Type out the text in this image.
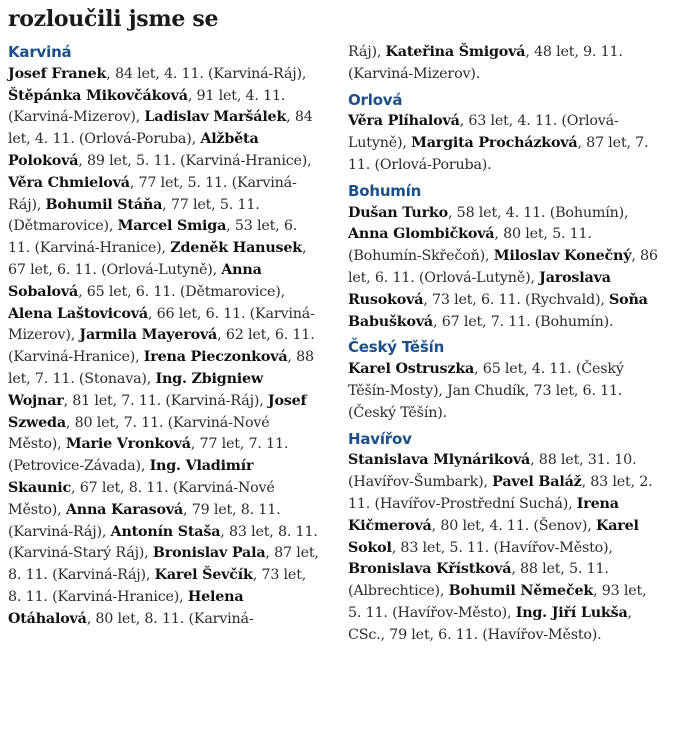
rozloučili jsme se
Karviná
Josef Franek, 84 let, 4. 11. (Karviná-Ráj), Štěpánka Mikovčáková, 91 let, 4. 11. (Karviná-Mizerov), Ladislav Maršálek, 84 let, 4. 11. (Orlová-Poruba), Alžběta Poloková, 89 let, 5. 11. (Karviná-Hranice), Věra Chmielová, 77 let, 5. 11. (Karviná-Ráj), Bohumil Stáňa, 77 let, 5. 11. (Dětmarovice), Marcel Smiga, 53 let, 6. 11. (Karviná-Hranice), Zdeněk Hanusek, 67 let, 6. 11. (Orlová-Lutyně), Anna Sobalová, 65 let, 6. 11. (Dětmarovice), Alena Laštovicová, 66 let, 6. 11. (Karviná-Mizerov), Jarmila Mayerová, 62 let, 6. 11. (Karviná-Hranice), Irena Pieczonková, 88 let, 7. 11. (Stonava), Ing. Zbigniew Wojnar, 81 let, 7. 11. (Karviná-Ráj), Josef Szweda, 80 let, 7. 11. (Karviná-Nové Město), Marie Vronková, 77 let, 7. 11. (Petrovice-Závada), Ing. Vladimír Skaunic, 67 let, 8. 11. (Karviná-Nové Město), Anna Karasová, 79 let, 8. 11. (Karviná-Ráj), Antonín Staša, 83 let, 8. 11. (Karviná-Starý Ráj), Bronislav Pala, 87 let, 8. 11. (Karviná-Ráj), Karel Ševčík, 73 let, 8. 11. (Karviná-Hranice), Helena Otáhalová, 80 let, 8. 11. (Karviná-
Ráj), Kateřina Šmigová, 48 let, 9. 11. (Karviná-Mizerov).
Orlová
Věra Plíhalová, 63 let, 4. 11. (Orlová-Lutyně), Margita Procházková, 87 let, 7. 11. (Orlová-Poruba).
Bohumín
Dušan Turko, 58 let, 4. 11. (Bohumín), Anna Glombičková, 80 let, 5. 11. (Bohumín-Skřečoň), Miloslav Konečný, 86 let, 6. 11. (Orlová-Lutyně), Jaroslava Rusoková, 73 let, 6. 11. (Rychvald), Soňa Babušková, 67 let, 7. 11. (Bohumín).
Český Těšín
Karel Ostruszka, 65 let, 4. 11. (Český Těšín-Mosty), Jan Chudík, 73 let, 6. 11. (Český Těšín).
Havířov
Stanislava Mlynáriková, 88 let, 31. 10. (Havířov-Šumbark), Pavel Baláž, 83 let, 2. 11. (Havířov-Prostřední Suchá), Irena Kičmerová, 80 let, 4. 11. (Šenov), Karel Sokol, 83 let, 5. 11. (Havířov-Město), Bronislava Křístková, 88 let, 5. 11. (Albrechtice), Bohumil Němeček, 93 let, 5. 11. (Havířov-Město), Ing. Jiří Lukša, CSc., 79 let, 6. 11. (Havířov-Město).
